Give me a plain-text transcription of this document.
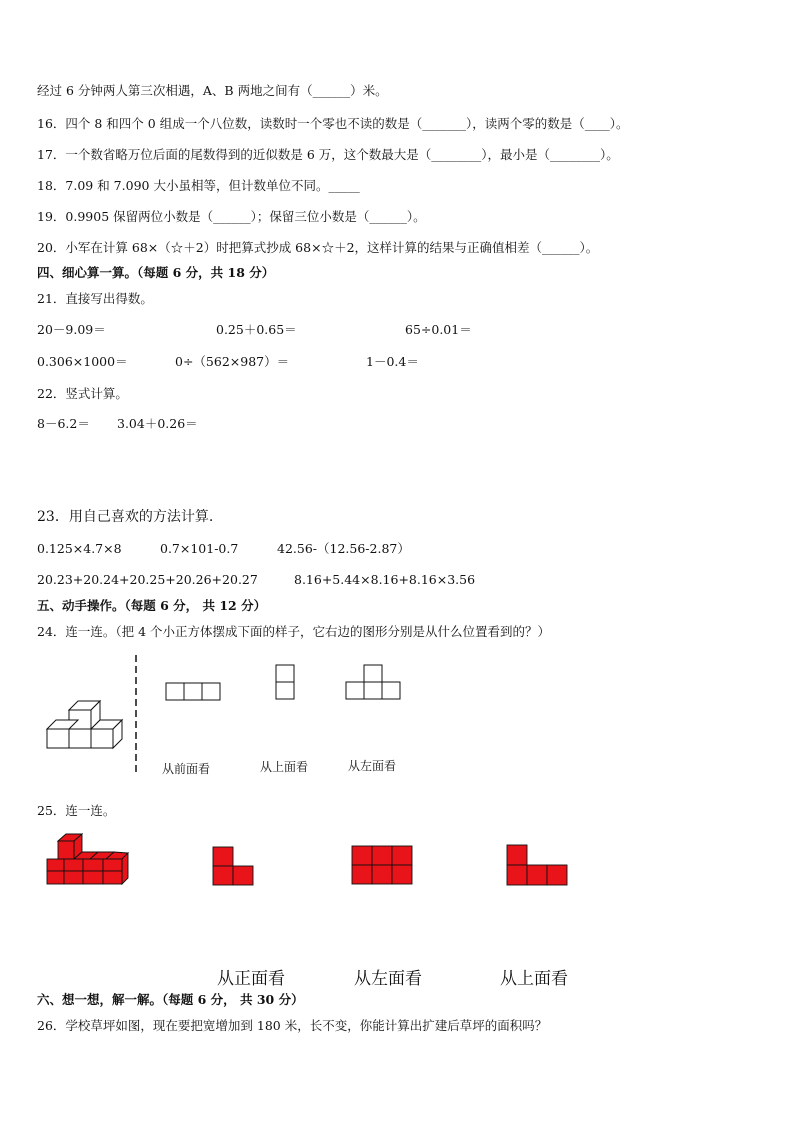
经过 6 分钟两人第三次相遇，A、B 两地之间有（______）米。
16．四个 8 和四个 0 组成一个八位数，读数时一个零也不读的数是（_______），读两个零的数是（____）。
17．一个数省略万位后面的尾数得到的近似数是 6 万，这个数最大是（________），最小是（________）。
18．7.09 和 7.090 大小虽相等，但计数单位不同。_____
19．0.9905 保留两位小数是（______）；保留三位小数是（______）。
20．小军在计算 68×（☆＋2）时把算式抄成 68×☆＋2，这样计算的结果与正确值相差（______）。
四、细心算一算。（每题 6 分，共 18 分）
21．直接写出得数。
20－9.09＝	0.25＋0.65＝	65÷0.01＝
0.306×1000＝	0÷（562×987）＝	1－0.4＝
22．竖式计算。
8－6.2＝ 3.04＋0.26＝
23．用自己喜欢的方法计算.
0.125×4.7×8	0.7×101-0.7	42.56-（12.56-2.87）
20.23+20.24+20.25+20.26+20.27	8.16+5.44×8.16+8.16×3.56
五、动手操作。（每题 6 分， 共 12 分）
24．连一连。（把 4 个小正方体摆成下面的样子，它右边的图形分别是从什么位置看到的？）
从前面看	从上面看	从左面看
25．连一连。
从正面看	从左面看	从上面看
六、想一想，解一解。（每题 6 分， 共 30 分）
26．学校草坪如图，现在要把宽增加到 180 米，长不变，你能计算出扩建后草坪的面积吗？
